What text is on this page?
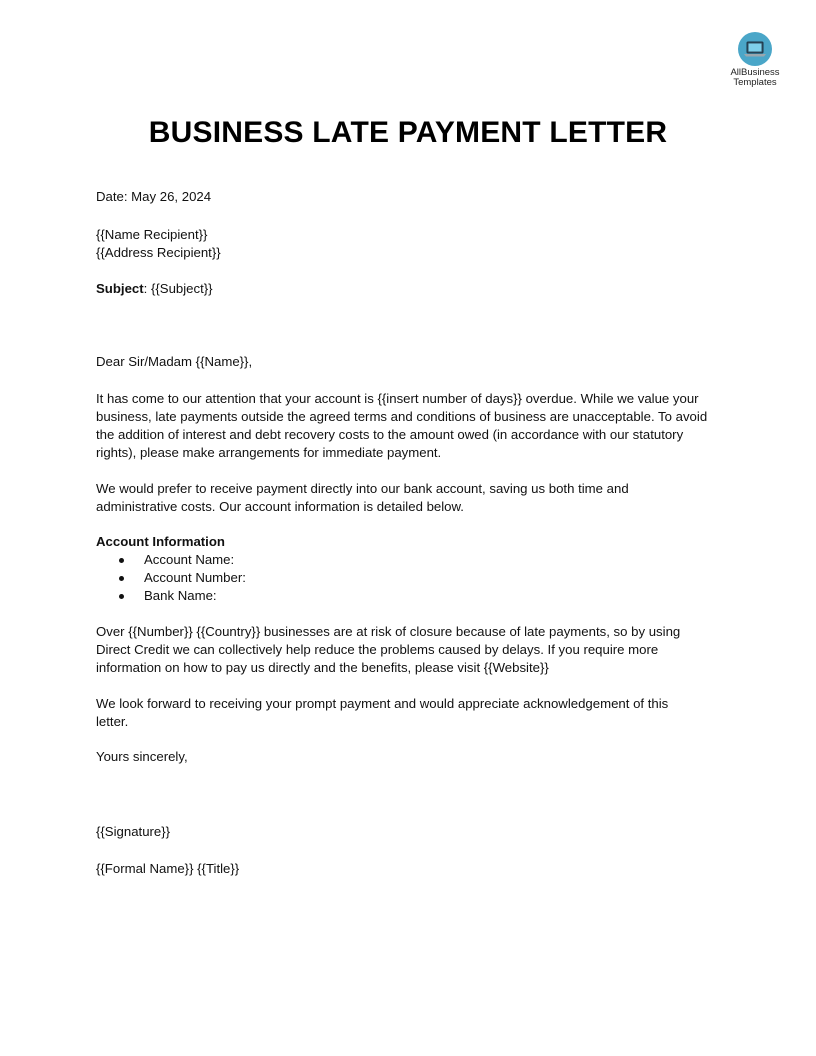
AllBusiness
Templates
BUSINESS LATE PAYMENT LETTER
Date: May 26, 2024
{{Name Recipient}}
{{Address Recipient}}
Subject: {{Subject}}
Dear Sir/Madam {{Name}},
It has come to our attention that your account is {{insert number of days}} overdue. While we value your
business, late payments outside the agreed terms and conditions of business are unacceptable. To avoid
the addition of interest and debt recovery costs to the amount owed (in accordance with our statutory
rights), please make arrangements for immediate payment.
We would prefer to receive payment directly into our bank account, saving us both time and
administrative costs. Our account information is detailed below.
Account Information
Account Name:
Account Number:
Bank Name:
Over {{Number}} {{Country}} businesses are at risk of closure because of late payments, so by using
Direct Credit we can collectively help reduce the problems caused by delays. If you require more
information on how to pay us directly and the benefits, please visit {{Website}}
We look forward to receiving your prompt payment and would appreciate acknowledgement of this
letter.
Yours sincerely,
{{Signature}}
{{Formal Name}} {{Title}}
